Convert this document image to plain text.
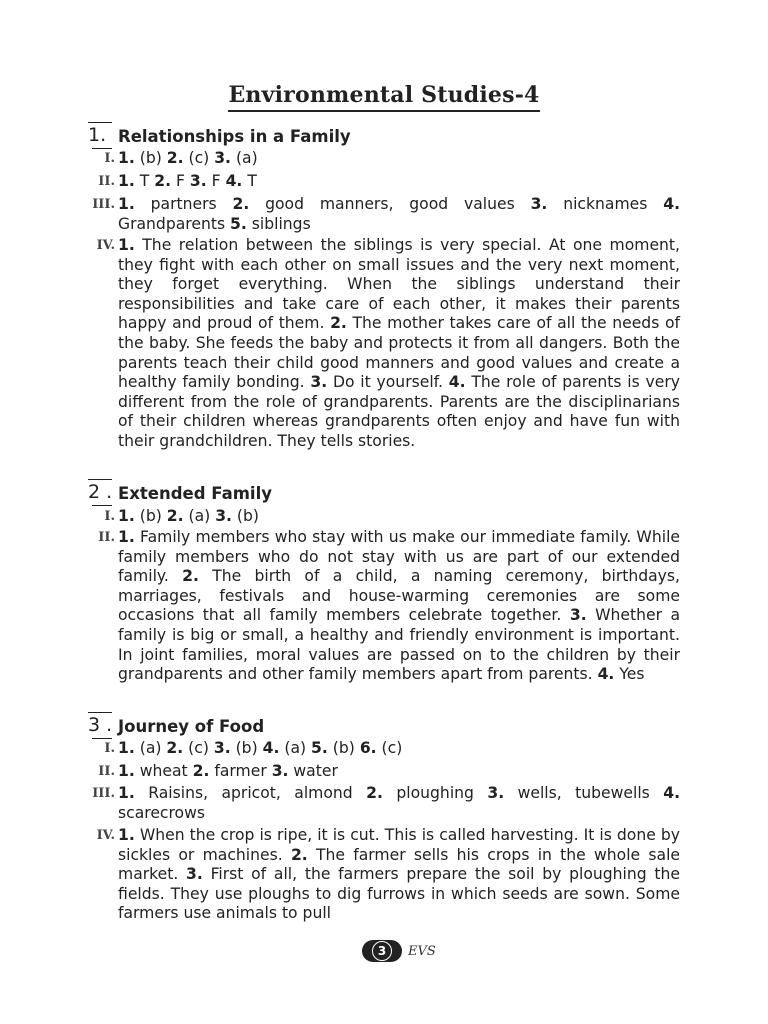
Environmental Studies-4
1. Relationships in a Family
I. 1. (b) 2. (c) 3. (a)
II. 1. T 2. F 3. F 4. T
III. 1. partners 2. good manners, good values 3. nicknames 4. Grandparents 5. siblings
IV. 1. The relation between the siblings is very special. At one moment, they fight with each other on small issues and the very next moment, they forget everything. When the siblings understand their responsibilities and take care of each other, it makes their parents happy and proud of them. 2. The mother takes care of all the needs of the baby. She feeds the baby and protects it from all dangers. Both the parents teach their child good manners and good values and create a healthy family bonding. 3. Do it yourself. 4. The role of parents is very different from the role of grandparents. Parents are the disciplinarians of their children whereas grandparents often enjoy and have fun with their grandchildren. They tells stories.
2 . Extended Family
I. 1. (b) 2. (a) 3. (b)
II. 1. Family members who stay with us make our immediate family. While family members who do not stay with us are part of our extended family. 2. The birth of a child, a naming ceremony, birthdays, marriages, festivals and house-warming ceremonies are some occasions that all family members celebrate together. 3. Whether a family is big or small, a healthy and friendly environment is important. In joint families, moral values are passed on to the children by their grandparents and other family members apart from parents. 4. Yes
3 . Journey of Food
I. 1. (a) 2. (c) 3. (b) 4. (a) 5. (b) 6. (c)
II. 1. wheat 2. farmer 3. water
III. 1. Raisins, apricot, almond 2. ploughing 3. wells, tubewells 4. scarecrows
IV. 1. When the crop is ripe, it is cut. This is called harvesting. It is done by sickles or machines. 2. The farmer sells his crops in the whole sale market. 3. First of all, the farmers prepare the soil by ploughing the fields. They use ploughs to dig furrows in which seeds are sown. Some farmers use animals to pull
3	EVS
